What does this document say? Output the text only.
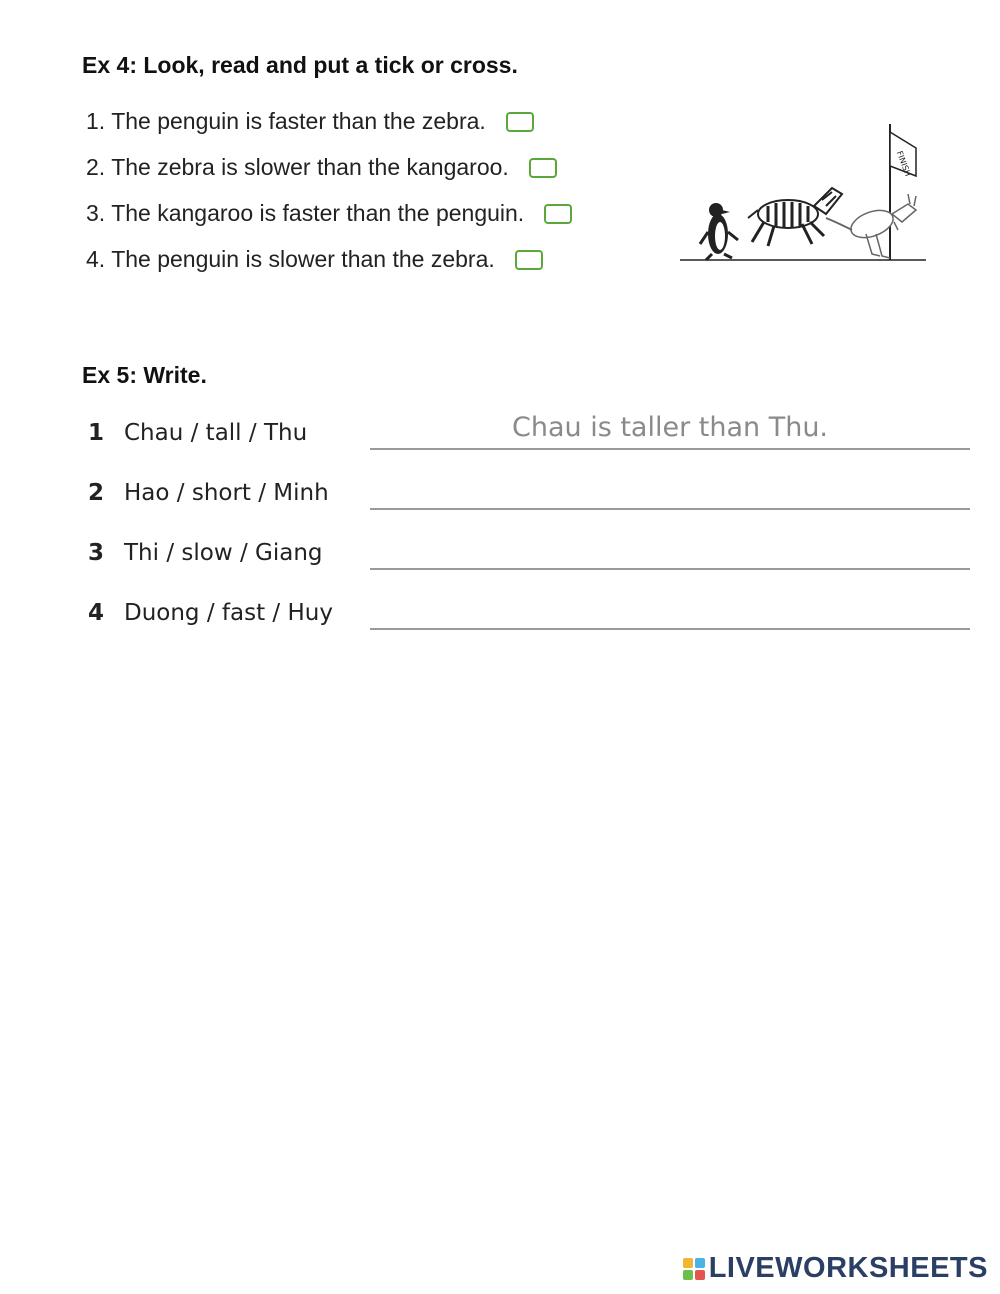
Ex 4: Look, read and put a tick or cross.
1. The penguin is faster than the zebra.
2. The zebra is slower than the kangaroo.
3. The kangaroo is faster than the penguin.
4. The penguin is slower than the zebra.
FINISH
Ex 5: Write.
1 Chau / tall / Thu	Chau is taller than Thu.
2 Hao / short / Minh
3 Thi / slow / Giang
4 Duong / fast / Huy
LIVEWORKSHEETS
